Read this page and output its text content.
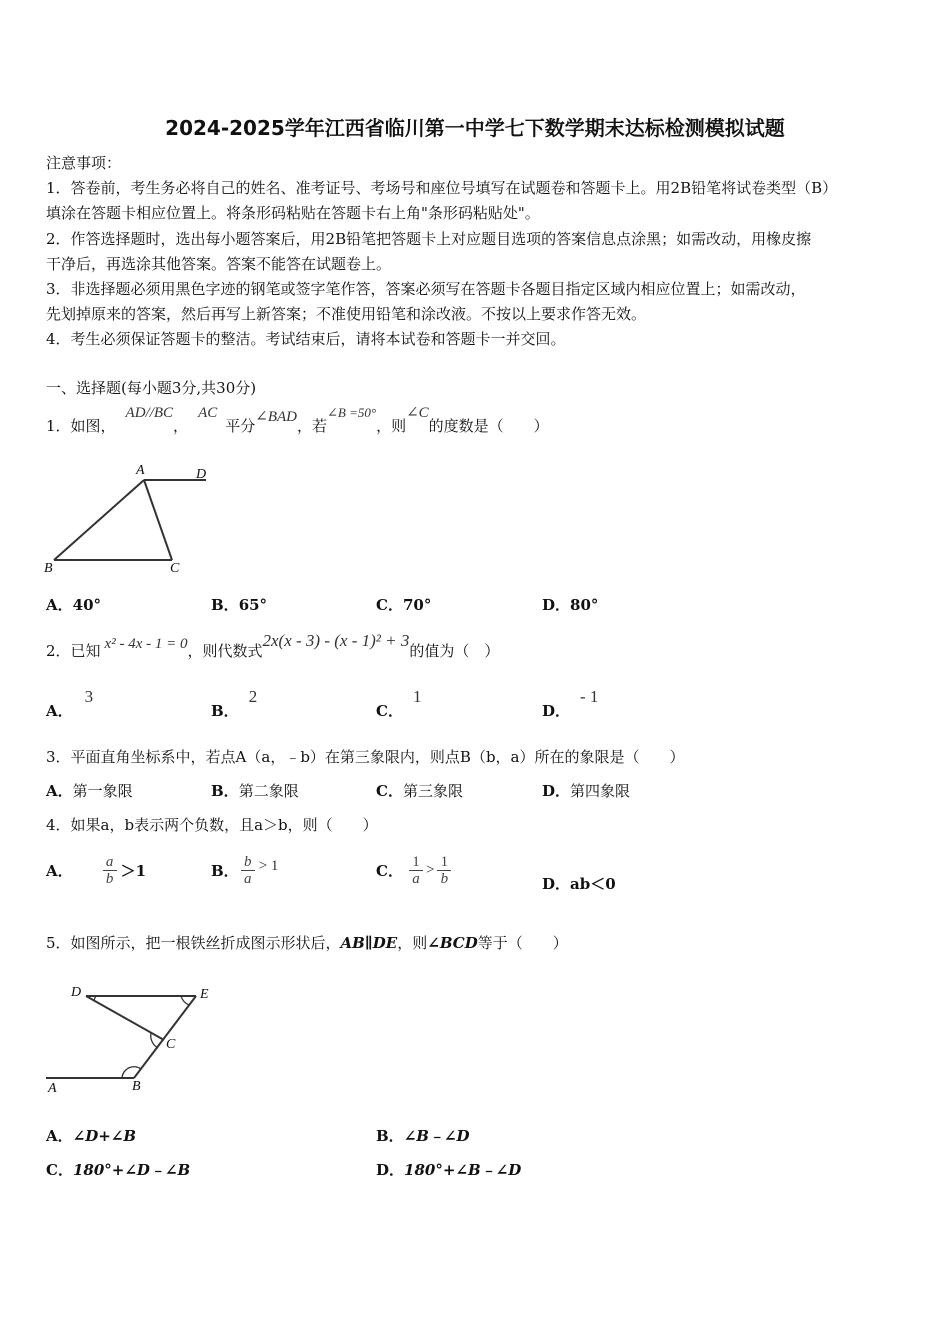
2024-2025学年江西省临川第一中学七下数学期末达标检测模拟试题
注意事项：
1．答卷前，考生务必将自己的姓名、准考证号、考场号和座位号填写在试题卷和答题卡上。用2B铅笔将试卷类型（B）
填涂在答题卡相应位置上。将条形码粘贴在答题卡右上角"条形码粘贴处"。
2．作答选择题时，选出每小题答案后，用2B铅笔把答题卡上对应题目选项的答案信息点涂黑；如需改动，用橡皮擦
干净后，再选涂其他答案。答案不能答在试题卷上。
3．非选择题必须用黑色字迹的钢笔或签字笔作答，答案必须写在答题卡各题目指定区域内相应位置上；如需改动，
先划掉原来的答案，然后再写上新答案；不准使用铅笔和涂改液。不按以上要求作答无效。
4．考生必须保证答题卡的整洁。考试结束后，请将本试卷和答题卡一并交回。
一、选择题(每小题3分,共30分)
1．如图，AD//BC，AC平分∠BAD，若∠B =50°，则∠C的度数是（　　）
A	D
B	C
A．40°	B．65°	C．70°	D．80°
2．已知 x² - 4x - 1 = 0，则代数式2x(x - 3) - (x - 1)² + 3的值为（　）
A．3
B．2
C．1
D．- 1
3．平面直角坐标系中，若点A（a，﹣b）在第三象限内，则点B（b，a）所在的象限是（　　）
A．第一象限	B．第二象限	C．第三象限	D．第四象限
4．如果a，b表示两个负数，且a＞b，则（　　）
A． $\frac{a}{b} >1$	B． $\frac{b}{a} > 1$	C． $\frac{1}{a} > \frac{1}{b}$	D．ab＜0
5．如图所示，把一根铁丝折成图示形状后，AB∥DE，则∠BCD等于（　　）
D	E
C
A	B
A．∠D+∠B	B．∠B﹣∠D
C．180°+∠D﹣∠B	D．180°+∠B﹣∠D
